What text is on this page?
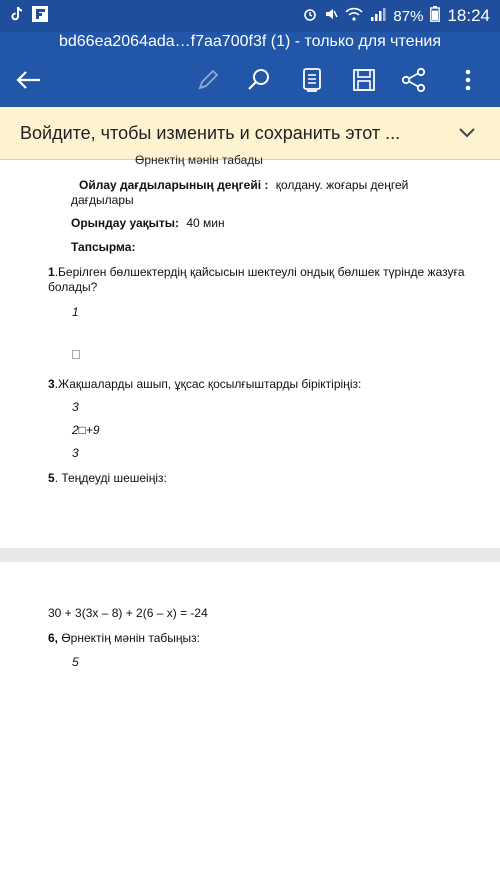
87% 18:24
bd66ea2064ada…f7aa700f3f (1) - только для чтения
Войдите, чтобы изменить и сохранить этот ...
Өрнектің мәнін табады
Ойлау дағдыларының деңгейі : қолдану. жоғары деңгей
дағдылары
Орындау уақыты: 40 мин
Тапсырма:
1.Берілген бөлшектердің қайсысын шектеулі ондық бөлшек түрінде жазуға
болады?
1
3.Жақшаларды ашып, ұқсас қосылғыштарды біріктіріңіз:
3
2□+9
3
5. Теңдеуді шешеіңіз:
30 + 3(3x – 8) + 2(6 – x) = -24
6, Өрнектің мәнін табыңыз:
5
